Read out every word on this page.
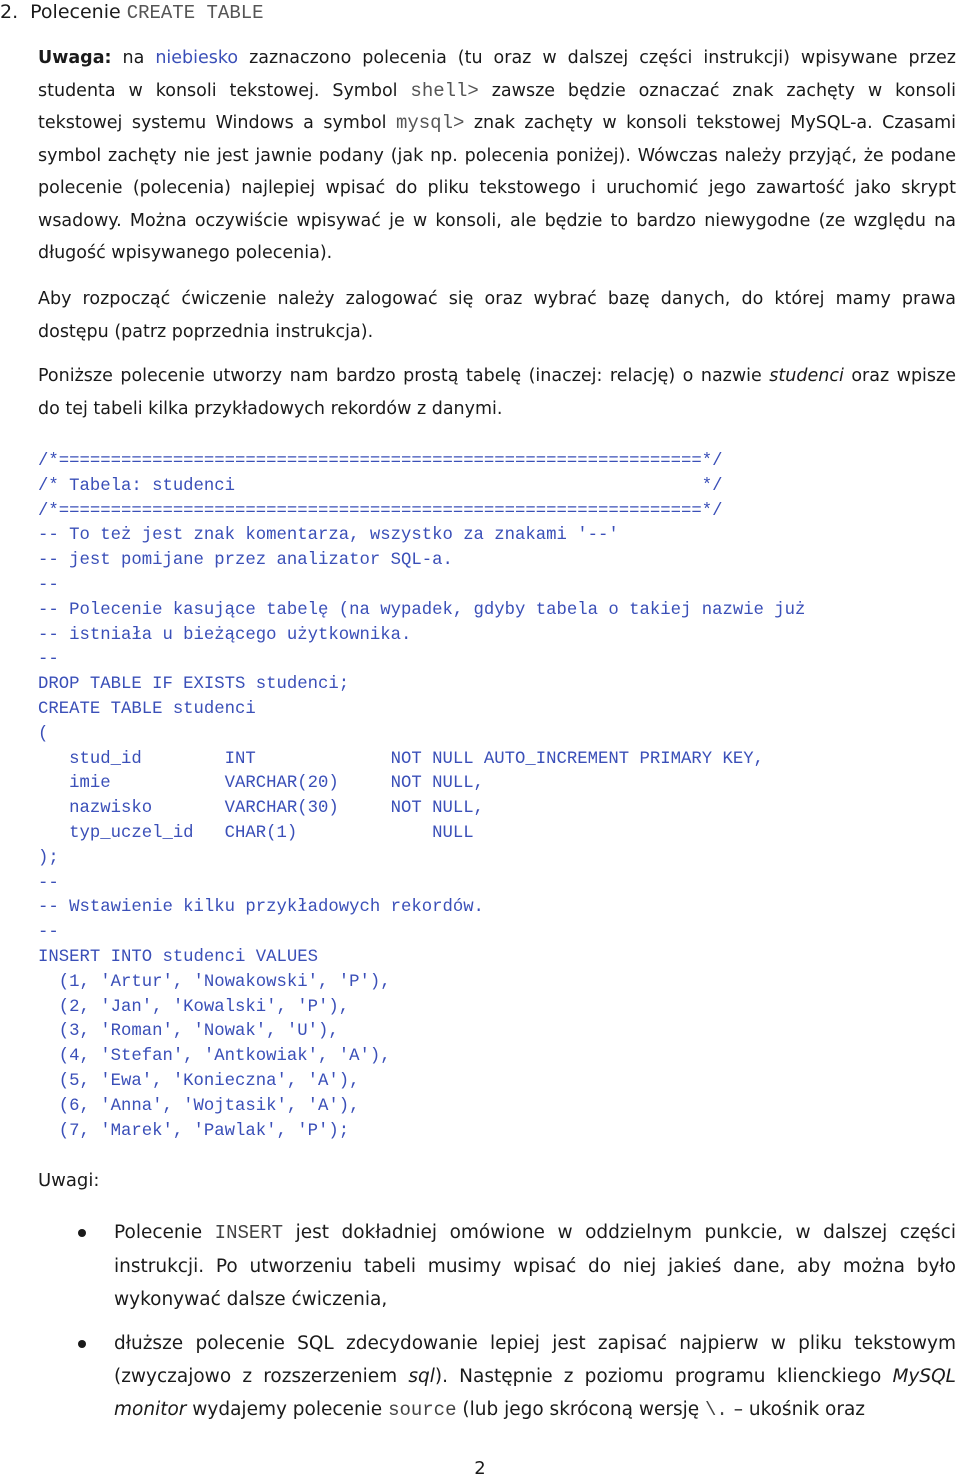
2. Polecenie CREATE TABLE

Uwaga: na niebiesko zaznaczono polecenia (tu oraz w dalszej części instrukcji) wpisywane przez studenta w konsoli tekstowej. Symbol shell> zawsze będzie oznaczać znak zachęty w konsoli tekstowej systemu Windows a symbol mysql> znak zachęty w konsoli tekstowej MySQL-a. Czasami symbol zachęty nie jest jawnie podany (jak np. polecenia poniżej). Wówczas należy przyjąć, że podane polecenie (polecenia) najlepiej wpisać do pliku tekstowego i uruchomić jego zawartość jako skrypt wsadowy. Można oczywiście wpisywać je w konsoli, ale będzie to bardzo niewygodne (ze względu na długość wpisywanego polecenia).

Aby rozpocząć ćwiczenie należy zalogować się oraz wybrać bazę danych, do której mamy prawa dostępu (patrz poprzednia instrukcja).

Poniższe polecenie utworzy nam bardzo prostą tabelę (inaczej: relację) o nazwie studenci oraz wpisze do tej tabeli kilka przykładowych rekordów z danymi.

/*==============================================================*/
/* Tabela: studenci                                             */
/*==============================================================*/
-- To też jest znak komentarza, wszystko za znakami '--'
-- jest pomijane przez analizator SQL-a.
--
-- Polecenie kasujące tabelę (na wypadek, gdyby tabela o takiej nazwie już
-- istniała u bieżącego użytkownika.
--
DROP TABLE IF EXISTS studenci;
CREATE TABLE studenci
(
stud_id        INT             NOT NULL AUTO_INCREMENT PRIMARY KEY,
imie           VARCHAR(20)     NOT NULL,
nazwisko       VARCHAR(30)     NOT NULL,
typ_uczel_id   CHAR(1)             NULL
);
--
-- Wstawienie kilku przykładowych rekordów.
--
INSERT INTO studenci VALUES
(1, 'Artur', 'Nowakowski', 'P'),
(2, 'Jan', 'Kowalski', 'P'),
(3, 'Roman', 'Nowak', 'U'),
(4, 'Stefan', 'Antkowiak', 'A'),
(5, 'Ewa', 'Konieczna', 'A'),
(6, 'Anna', 'Wojtasik', 'A'),
(7, 'Marek', 'Pawlak', 'P');
Uwagi:

Polecenie INSERT jest dokładniej omówione w oddzielnym punkcie, w dalszej części instrukcji. Po utworzeniu tabeli musimy wpisać do niej jakieś dane, aby można było wykonywać dalsze ćwiczenia,

dłuższe polecenie SQL zdecydowanie lepiej jest zapisać najpierw w pliku tekstowym (zwyczajowo z rozszerzeniem sql). Następnie z poziomu programu klienckiego MySQL monitor wydajemy polecenie source (lub jego skróconą wersję \. – ukośnik oraz

2
